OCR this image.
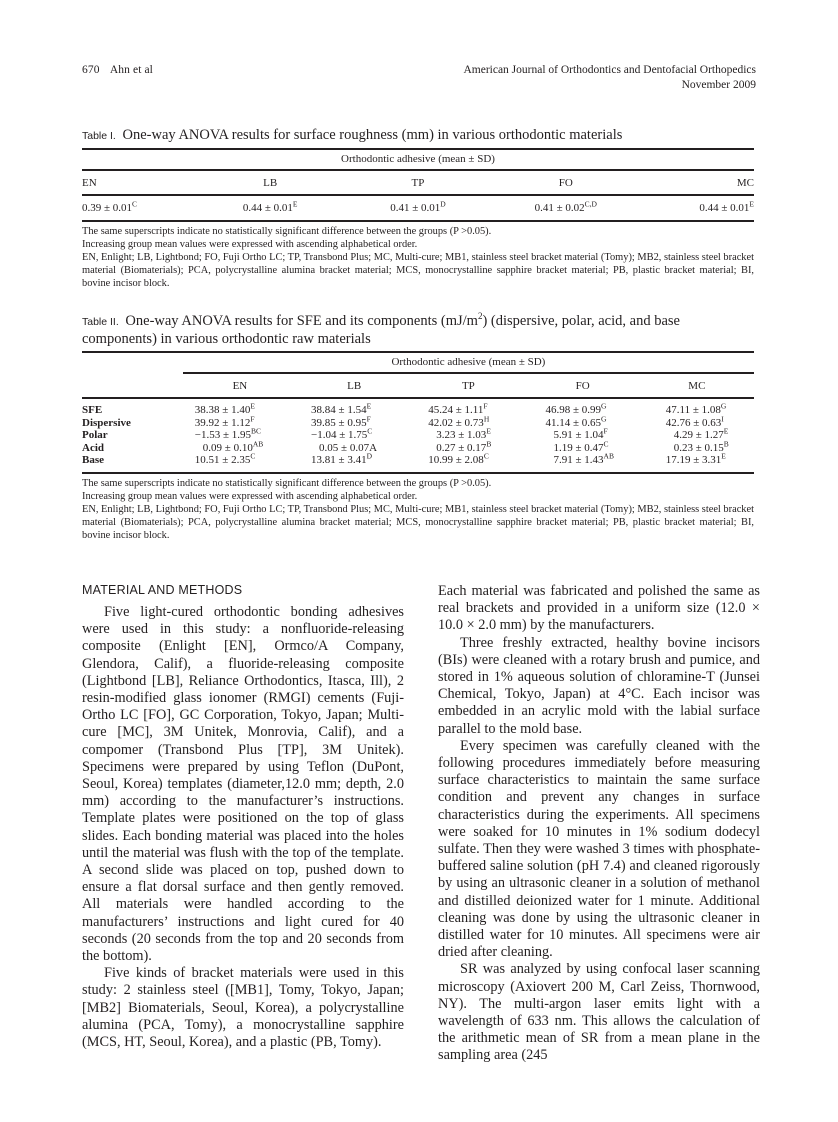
670 Ahn et al	American Journal of Orthodontics and Dentofacial Orthopedics
November 2009
Table I. One-way ANOVA results for surface roughness (mm) in various orthodontic materials
Orthodontic adhesive (mean ± SD)				
EN	LB	TP	FO	MC
$0.39 \pm 0.01^C$	$0.44 \pm 0.01^E$	$0.41 \pm 0.01^D$	$0.41 \pm 0.02^{C,D}$	$0.44 \pm 0.01^E$

The same superscripts indicate no statistically significant difference between the groups (P >0.05).
Increasing group mean values were expressed with ascending alphabetical order.
EN, Enlight; LB, Lightbond; FO, Fuji Ortho LC; TP, Transbond Plus; MC, Multi-cure; MB1, stainless steel bracket material (Tomy); MB2, stainless steel bracket material (Biomaterials); PCA, polycrystalline alumina bracket material; MCS, monocrystalline sapphire bracket material; PB, plastic bracket material; BI, bovine incisor block.
Table II. One-way ANOVA results for SFE and its components $(mJ/m^2)$ (dispersive, polar, acid, and base components) in various orthodontic raw materials
	Orthodontic adhesive (mean ± SD)				
	EN	LB	TP	FO	MC
SFE	$38.38 \pm 1.40^E$	$38.84 \pm 1.54^E$	$45.24 \pm 1.11^F$	$46.98 \pm 0.99^G$	$47.11 \pm 1.08^G$
Dispersive	$39.92 \pm 1.12^F$	$39.85 \pm 0.95^F$	$42.02 \pm 0.73^H$	$41.14 \pm 0.65^G$	$42.76 \pm 0.63^I$
Polar	$-1.53 \pm 1.95^{BC}$	$-1.04 \pm 1.75^C$	$3.23 \pm 1.03^E$	$5.91 \pm 1.04^F$	$4.29 \pm 1.27^E$
Acid	$0.09 \pm 0.10^{AB}$	0.05 ± 0.07A	$0.27 \pm 0.17^B$	$1.19 \pm 0.47^C$	$0.23 \pm 0.15^B$
Base	$10.51 \pm 2.35^C$	$13.81 \pm 3.41^D$	$10.99 \pm 2.08^C$	$7.91 \pm 1.43^{AB}$	$17.19 \pm 3.31^E$

The same superscripts indicate no statistically significant difference between the groups (P >0.05).
Increasing group mean values were expressed with ascending alphabetical order.
EN, Enlight; LB, Lightbond; FO, Fuji Ortho LC; TP, Transbond Plus; MC, Multi-cure; MB1, stainless steel bracket material (Tomy); MB2, stainless steel bracket material (Biomaterials); PCA, polycrystalline alumina bracket material; MCS, monocrystalline sapphire bracket material; PB, plastic bracket material; BI, bovine incisor block.
MATERIAL AND METHODS

Five light-cured orthodontic bonding adhesives were used in this study: a nonfluoride-releasing composite (Enlight [EN], Ormco/A Company, Glendora, Calif), a fluoride-releasing composite (Lightbond [LB], Reliance Orthodontics, Itasca, Ill), 2 resin-modified glass ionomer (RMGI) cements (Fuji-Ortho LC [FO], GC Corporation, Tokyo, Japan; Multi-cure [MC], 3M Unitek, Monrovia, Calif), and a compomer (Transbond Plus [TP], 3M Unitek). Specimens were prepared by using Teflon (DuPont, Seoul, Korea) templates (diameter,12.0 mm; depth, 2.0 mm) according to the manufacturer’s instructions. Template plates were positioned on the top of glass slides. Each bonding material was placed into the holes until the material was flush with the top of the template. A second slide was placed on top, pushed down to ensure a flat dorsal surface and then gently removed. All materials were handled according to the manufacturers’ instructions and light cured for 40 seconds (20 seconds from the top and 20 seconds from the bottom).

Five kinds of bracket materials were used in this study: 2 stainless steel ([MB1], Tomy, Tokyo, Japan; [MB2] Biomaterials, Seoul, Korea), a polycrystalline alumina (PCA, Tomy), a monocrystalline sapphire (MCS, HT, Seoul, Korea), and a plastic (PB, Tomy).

Each material was fabricated and polished the same as real brackets and provided in a uniform size (12.0 × 10.0 × 2.0 mm) by the manufacturers.

Three freshly extracted, healthy bovine incisors (BIs) were cleaned with a rotary brush and pumice, and stored in 1% aqueous solution of chloramine-T (Junsei Chemical, Tokyo, Japan) at 4°C. Each incisor was embedded in an acrylic mold with the labial surface parallel to the mold base.

Every specimen was carefully cleaned with the following procedures immediately before measuring surface characteristics to maintain the same surface condition and prevent any changes in surface characteristics during the experiments. All specimens were soaked for 10 minutes in 1% sodium dodecyl sulfate. Then they were washed 3 times with phosphate-buffered saline solution (pH 7.4) and cleaned rigorously by using an ultrasonic cleaner in a solution of methanol and distilled deionized water for 1 minute. Additional cleaning was done by using the ultrasonic cleaner in distilled water for 10 minutes. All specimens were air dried after cleaning.

SR was analyzed by using confocal laser scanning microscopy (Axiovert 200 M, Carl Zeiss, Thornwood, NY). The multi-argon laser emits light with a wavelength of 633 nm. This allows the calculation of the arithmetic mean of SR from a mean plane in the sampling area (245
